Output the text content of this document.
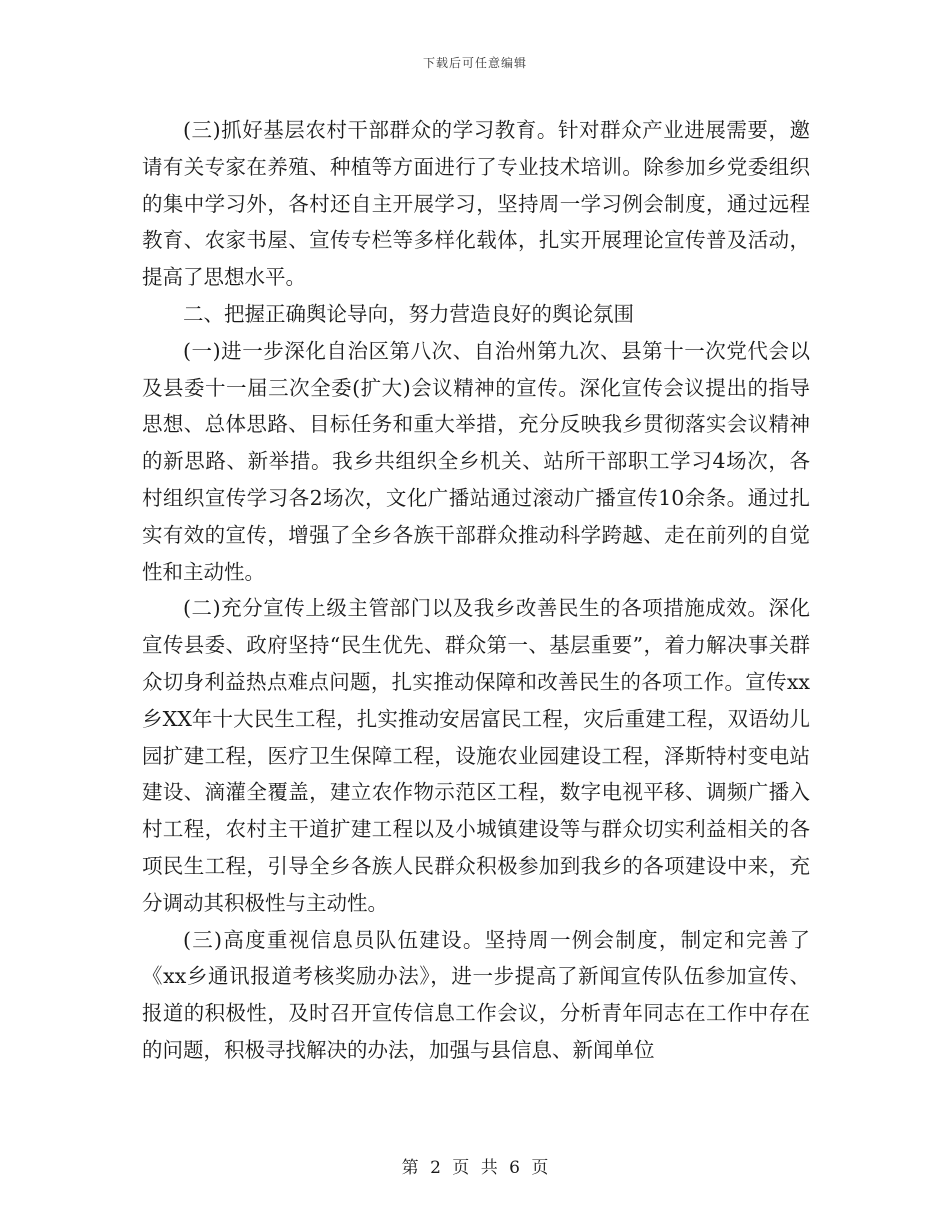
下载后可任意编辑

(三)抓好基层农村干部群众的学习教育。针对群众产业进展需要，邀请有关专家在养殖、种植等方面进行了专业技术培训。除参加乡党委组织的集中学习外，各村还自主开展学习，坚持周一学习例会制度，通过远程教育、农家书屋、宣传专栏等多样化载体，扎实开展理论宣传普及活动，提高了思想水平。

二、把握正确舆论导向，努力营造良好的舆论氛围

(一)进一步深化自治区第八次、自治州第九次、县第十一次党代会以及县委十一届三次全委(扩大)会议精神的宣传。深化宣传会议提出的指导思想、总体思路、目标任务和重大举措，充分反映我乡贯彻落实会议精神的新思路、新举措。我乡共组织全乡机关、站所干部职工学习4场次，各村组织宣传学习各2场次，文化广播站通过滚动广播宣传10余条。通过扎实有效的宣传，增强了全乡各族干部群众推动科学跨越、走在前列的自觉性和主动性。

(二)充分宣传上级主管部门以及我乡改善民生的各项措施成效。深化宣传县委、政府坚持“民生优先、群众第一、基层重要”，着力解决事关群众切身利益热点难点问题，扎实推动保障和改善民生的各项工作。宣传xx乡XX年十大民生工程，扎实推动安居富民工程，灾后重建工程，双语幼儿园扩建工程，医疗卫生保障工程，设施农业园建设工程，泽斯特村变电站建设、滴灌全覆盖，建立农作物示范区工程，数字电视平移、调频广播入村工程，农村主干道扩建工程以及小城镇建设等与群众切实利益相关的各项民生工程，引导全乡各族人民群众积极参加到我乡的各项建设中来，充分调动其积极性与主动性。

(三)高度重视信息员队伍建设。坚持周一例会制度，制定和完善了《xx乡通讯报道考核奖励办法》，进一步提高了新闻宣传队伍参加宣传、报道的积极性，及时召开宣传信息工作会议，分析青年同志在工作中存在的问题，积极寻找解决的办法，加强与县信息、新闻单位

第 2 页 共 6 页
